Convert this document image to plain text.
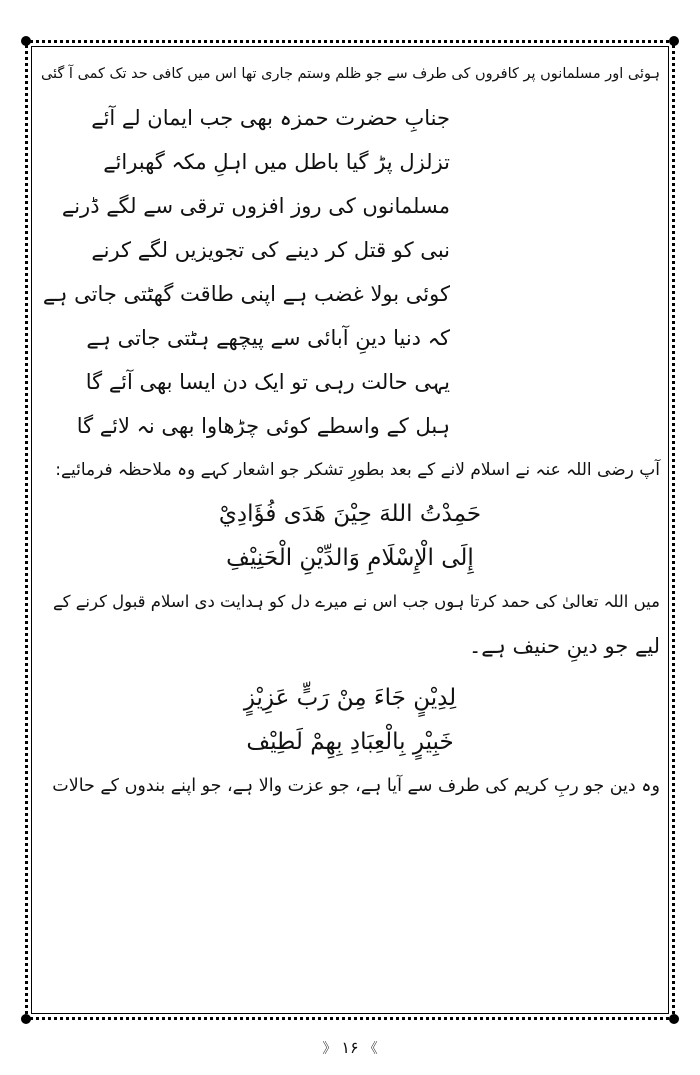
ہوئی اور مسلمانوں پر کافروں کی طرف سے جو ظلم وستم جاری تھا اس میں کافی حد تک کمی آ گئی
جنابِ حضرت حمزہ بھی جب ایمان لے آئے
تزلزل پڑ گیا باطل میں اہلِ مکہ گھبرائے
مسلمانوں کی روز افزوں ترقی سے لگے ڈرنے
نبی کو قتل کر دینے کی تجویزیں لگے کرنے
کوئی بولا غضب ہے اپنی طاقت گھٹتی جاتی ہے
کہ دنیا دینِ آبائی سے پیچھے ہٹتی جاتی ہے
یہی حالت رہی تو ایک دن ایسا بھی آئے گا
ہبل کے واسطے کوئی چڑھاوا بھی نہ لائے گا
آپ رضی اللہ عنہ نے اسلام لانے کے بعد بطورِ تشکر جو اشعار کہے وہ ملاحظہ فرمائیے:
حَمِدْتُ اللهَ حِيْنَ هَدَى فُؤَادِيْ
إِلَى الْإِسْلَامِ وَالدِّيْنِ الْحَنِيْفِ
میں اللہ تعالیٰ کی حمد کرتا ہوں جب اس نے میرے دل کو ہدایت دی اسلام قبول کرنے کے
لیے جو دینِ حنیف ہے۔
لِدِيْنٍ جَاءَ مِنْ رَبٍّ عَزِيْزٍ
خَبِيْرٍ بِالْعِبَادِ بِهِمْ لَطِيْف
وہ دین جو ربِ کریم کی طرف سے آیا ہے، جو عزت والا ہے، جو اپنے بندوں کے حالات
》 ۱۶ 《
